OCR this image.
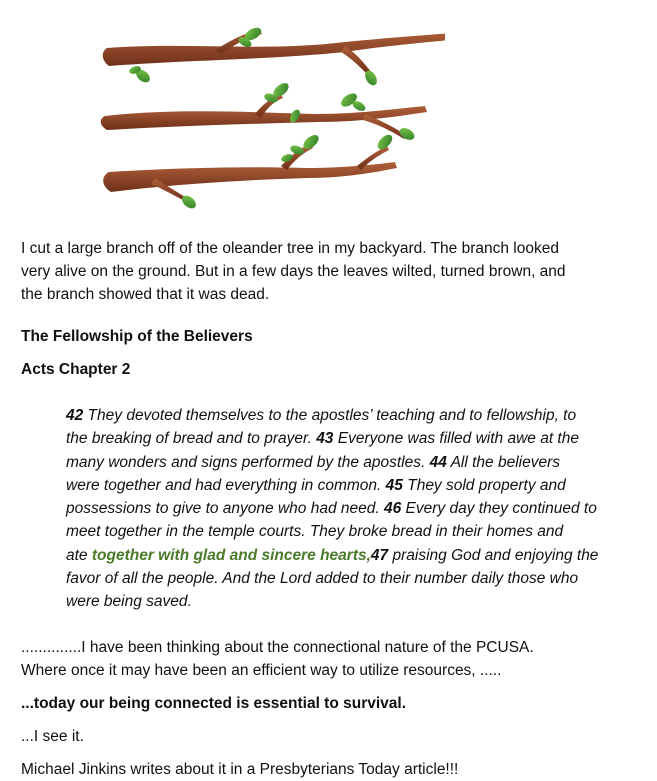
I cut a large branch off of the oleander tree in my backyard. The branch looked
very alive on the ground. But in a few days the leaves wilted, turned brown, and
the branch showed that it was dead.

The Fellowship of the Believers

Acts Chapter 2

42 They devoted themselves to the apostles’ teaching and to fellowship, to
the breaking of bread and to prayer. 43 Everyone was filled with awe at the
many wonders and signs performed by the apostles. 44 All the believers
were together and had everything in common. 45 They sold property and
possessions to give to anyone who had need. 46 Every day they continued to
meet together in the temple courts. They broke bread in their homes and
ate together with glad and sincere hearts,47 praising God and enjoying the
favor of all the people. And the Lord added to their number daily those who
were being saved.

..............I have been thinking about the connectional nature of the PCUSA.
Where once it may have been an efficient way to utilize resources, .....

...today our being connected is essential to survival.

...I see it.

Michael Jinkins writes about it in a Presbyterians Today article!!!
